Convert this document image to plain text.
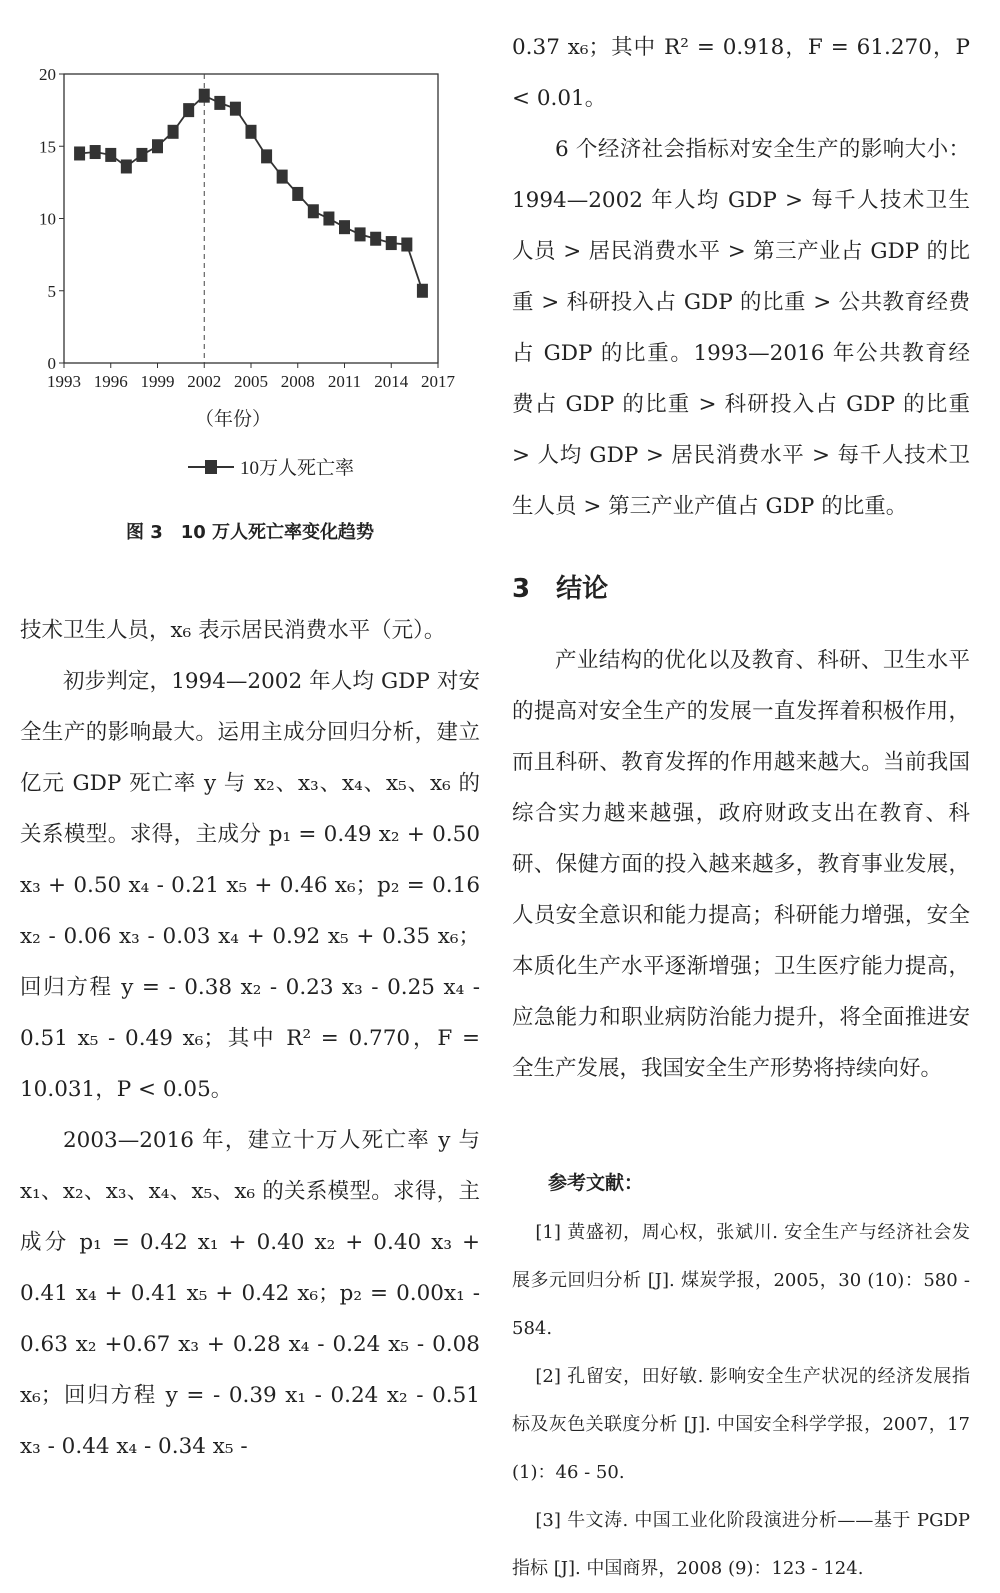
0
5
10
15
20
1993 1996 1999 2002 2005 2008 2011 2014 2017
（年份）
10万人死亡率
图 3　10 万人死亡率变化趋势

技术卫生人员，x₆ 表示居民消费水平（元）。

初步判定，1994—2002 年人均 GDP 对安全生产的影响最大。运用主成分回归分析，建立亿元 GDP 死亡率 y 与 x₂、x₃、x₄、x₅、x₆ 的关系模型。求得，主成分 p₁ = 0.49 x₂ + 0.50 x₃ + 0.50 x₄ - 0.21 x₅ + 0.46 x₆；p₂ = 0.16 x₂ - 0.06 x₃ - 0.03 x₄ + 0.92 x₅ + 0.35 x₆；回归方程 y = - 0.38 x₂ - 0.23 x₃ - 0.25 x₄ - 0.51 x₅ - 0.49 x₆；其中 R² = 0.770，F = 10.031，P < 0.05。

2003—2016 年，建立十万人死亡率 y 与 x₁、x₂、x₃、x₄、x₅、x₆ 的关系模型。求得，主成分 p₁ = 0.42 x₁ + 0.40 x₂ + 0.40 x₃ + 0.41 x₄ + 0.41 x₅ + 0.42 x₆；p₂ = 0.00x₁ - 0.63 x₂ +0.67 x₃ + 0.28 x₄ - 0.24 x₅ - 0.08 x₆；回归方程 y = - 0.39 x₁ - 0.24 x₂ - 0.51 x₃ - 0.44 x₄ - 0.34 x₅ -

0.37 x₆；其中 R² = 0.918，F = 61.270，P < 0.01。

6 个经济社会指标对安全生产的影响大小：1994—2002 年人均 GDP > 每千人技术卫生人员 > 居民消费水平 > 第三产业占 GDP 的比重 > 科研投入占 GDP 的比重 > 公共教育经费占 GDP 的比重。1993—2016 年公共教育经费占 GDP 的比重 > 科研投入占 GDP 的比重 > 人均 GDP > 居民消费水平 > 每千人技术卫生人员 > 第三产业产值占 GDP 的比重。

3　结论

产业结构的优化以及教育、科研、卫生水平的提高对安全生产的发展一直发挥着积极作用，而且科研、教育发挥的作用越来越大。当前我国综合实力越来越强，政府财政支出在教育、科研、保健方面的投入越来越多，教育事业发展，人员安全意识和能力提高；科研能力增强，安全本质化生产水平逐渐增强；卫生医疗能力提高，应急能力和职业病防治能力提升，将全面推进安全生产发展，我国安全生产形势将持续向好。

参考文献：

[1] 黄盛初，周心权，张斌川. 安全生产与经济社会发展多元回归分析 [J]. 煤炭学报，2005，30 (10)：580 - 584.

[2] 孔留安，田好敏. 影响安全生产状况的经济发展指标及灰色关联度分析 [J]. 中国安全科学学报，2007，17 (1)：46 - 50.

[3] 牛文涛. 中国工业化阶段演进分析——基于 PGDP 指标 [J]. 中国商界，2008 (9)：123 - 124.
